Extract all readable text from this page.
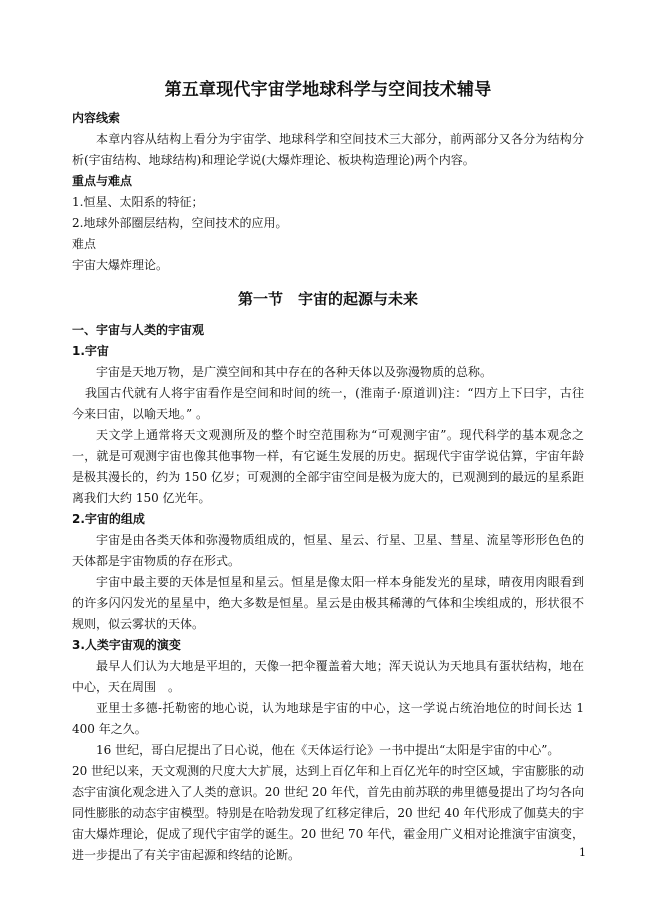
第五章现代宇宙学地球科学与空间技术辅导
内容线索

本章内容从结构上看分为宇宙学、地球科学和空间技术三大部分，前两部分又各分为结构分析(宇宙结构、地球结构)和理论学说(大爆炸理论、板块构造理论)两个内容。

重点与难点

1.恒星、太阳系的特征；

2.地球外部圈层结构，空间技术的应用。

难点

宇宙大爆炸理论。

第一节　宇宙的起源与未来
一、宇宙与人类的宇宙观
1.宇宙

宇宙是天地万物，是广漠空间和其中存在的各种天体以及弥漫物质的总称。

我国古代就有人将宇宙看作是空间和时间的统一，(淮南子·原道训)注：“四方上下曰宇，古往今来曰宙，以喻天地。” 。

天文学上通常将天文观测所及的整个时空范围称为“可观测宇宙”。现代科学的基本观念之一，就是可观测宇宙也像其他事物一样，有它诞生发展的历史。据现代宇宙学说估算，宇宙年龄是极其漫长的，约为 150 亿岁；可观测的全部宇宙空间是极为庞大的，已观测到的最远的星系距离我们大约 150 亿光年。

2.宇宙的组成

宇宙是由各类天体和弥漫物质组成的，恒星、星云、行星、卫星、彗星、流星等形形色色的天体都是宇宙物质的存在形式。

宇宙中最主要的天体是恒星和星云。恒星是像太阳一样本身能发光的星球，晴夜用肉眼看到的许多闪闪发光的星星中，绝大多数是恒星。星云是由极其稀薄的气体和尘埃组成的，形状很不规则，似云雾状的天体。

3.人类宇宙观的演变

最早人们认为大地是平坦的，天像一把伞覆盖着大地；浑天说认为天地具有蛋状结构，地在中心，天在周围　。

亚里士多德-托勒密的地心说，认为地球是宇宙的中心，这一学说占统治地位的时间长达 1 400 年之久。

16 世纪，哥白尼提出了日心说，他在《天体运行论》一书中提出“太阳是宇宙的中心”。

20 世纪以来，天文观测的尺度大大扩展，达到上百亿年和上百亿光年的时空区域，宇宙膨胀的动态宇宙演化观念进入了人类的意识。20 世纪 20 年代，首先由前苏联的弗里德曼提出了均匀各向同性膨胀的动态宇宙模型。特别是在哈勃发现了红移定律后，20 世纪 40 年代形成了伽莫夫的宇宙大爆炸理论，促成了现代宇宙学的诞生。20 世纪 70 年代，霍金用广义相对论推演宇宙演变，进一步提出了有关宇宙起源和终结的论断。	1
